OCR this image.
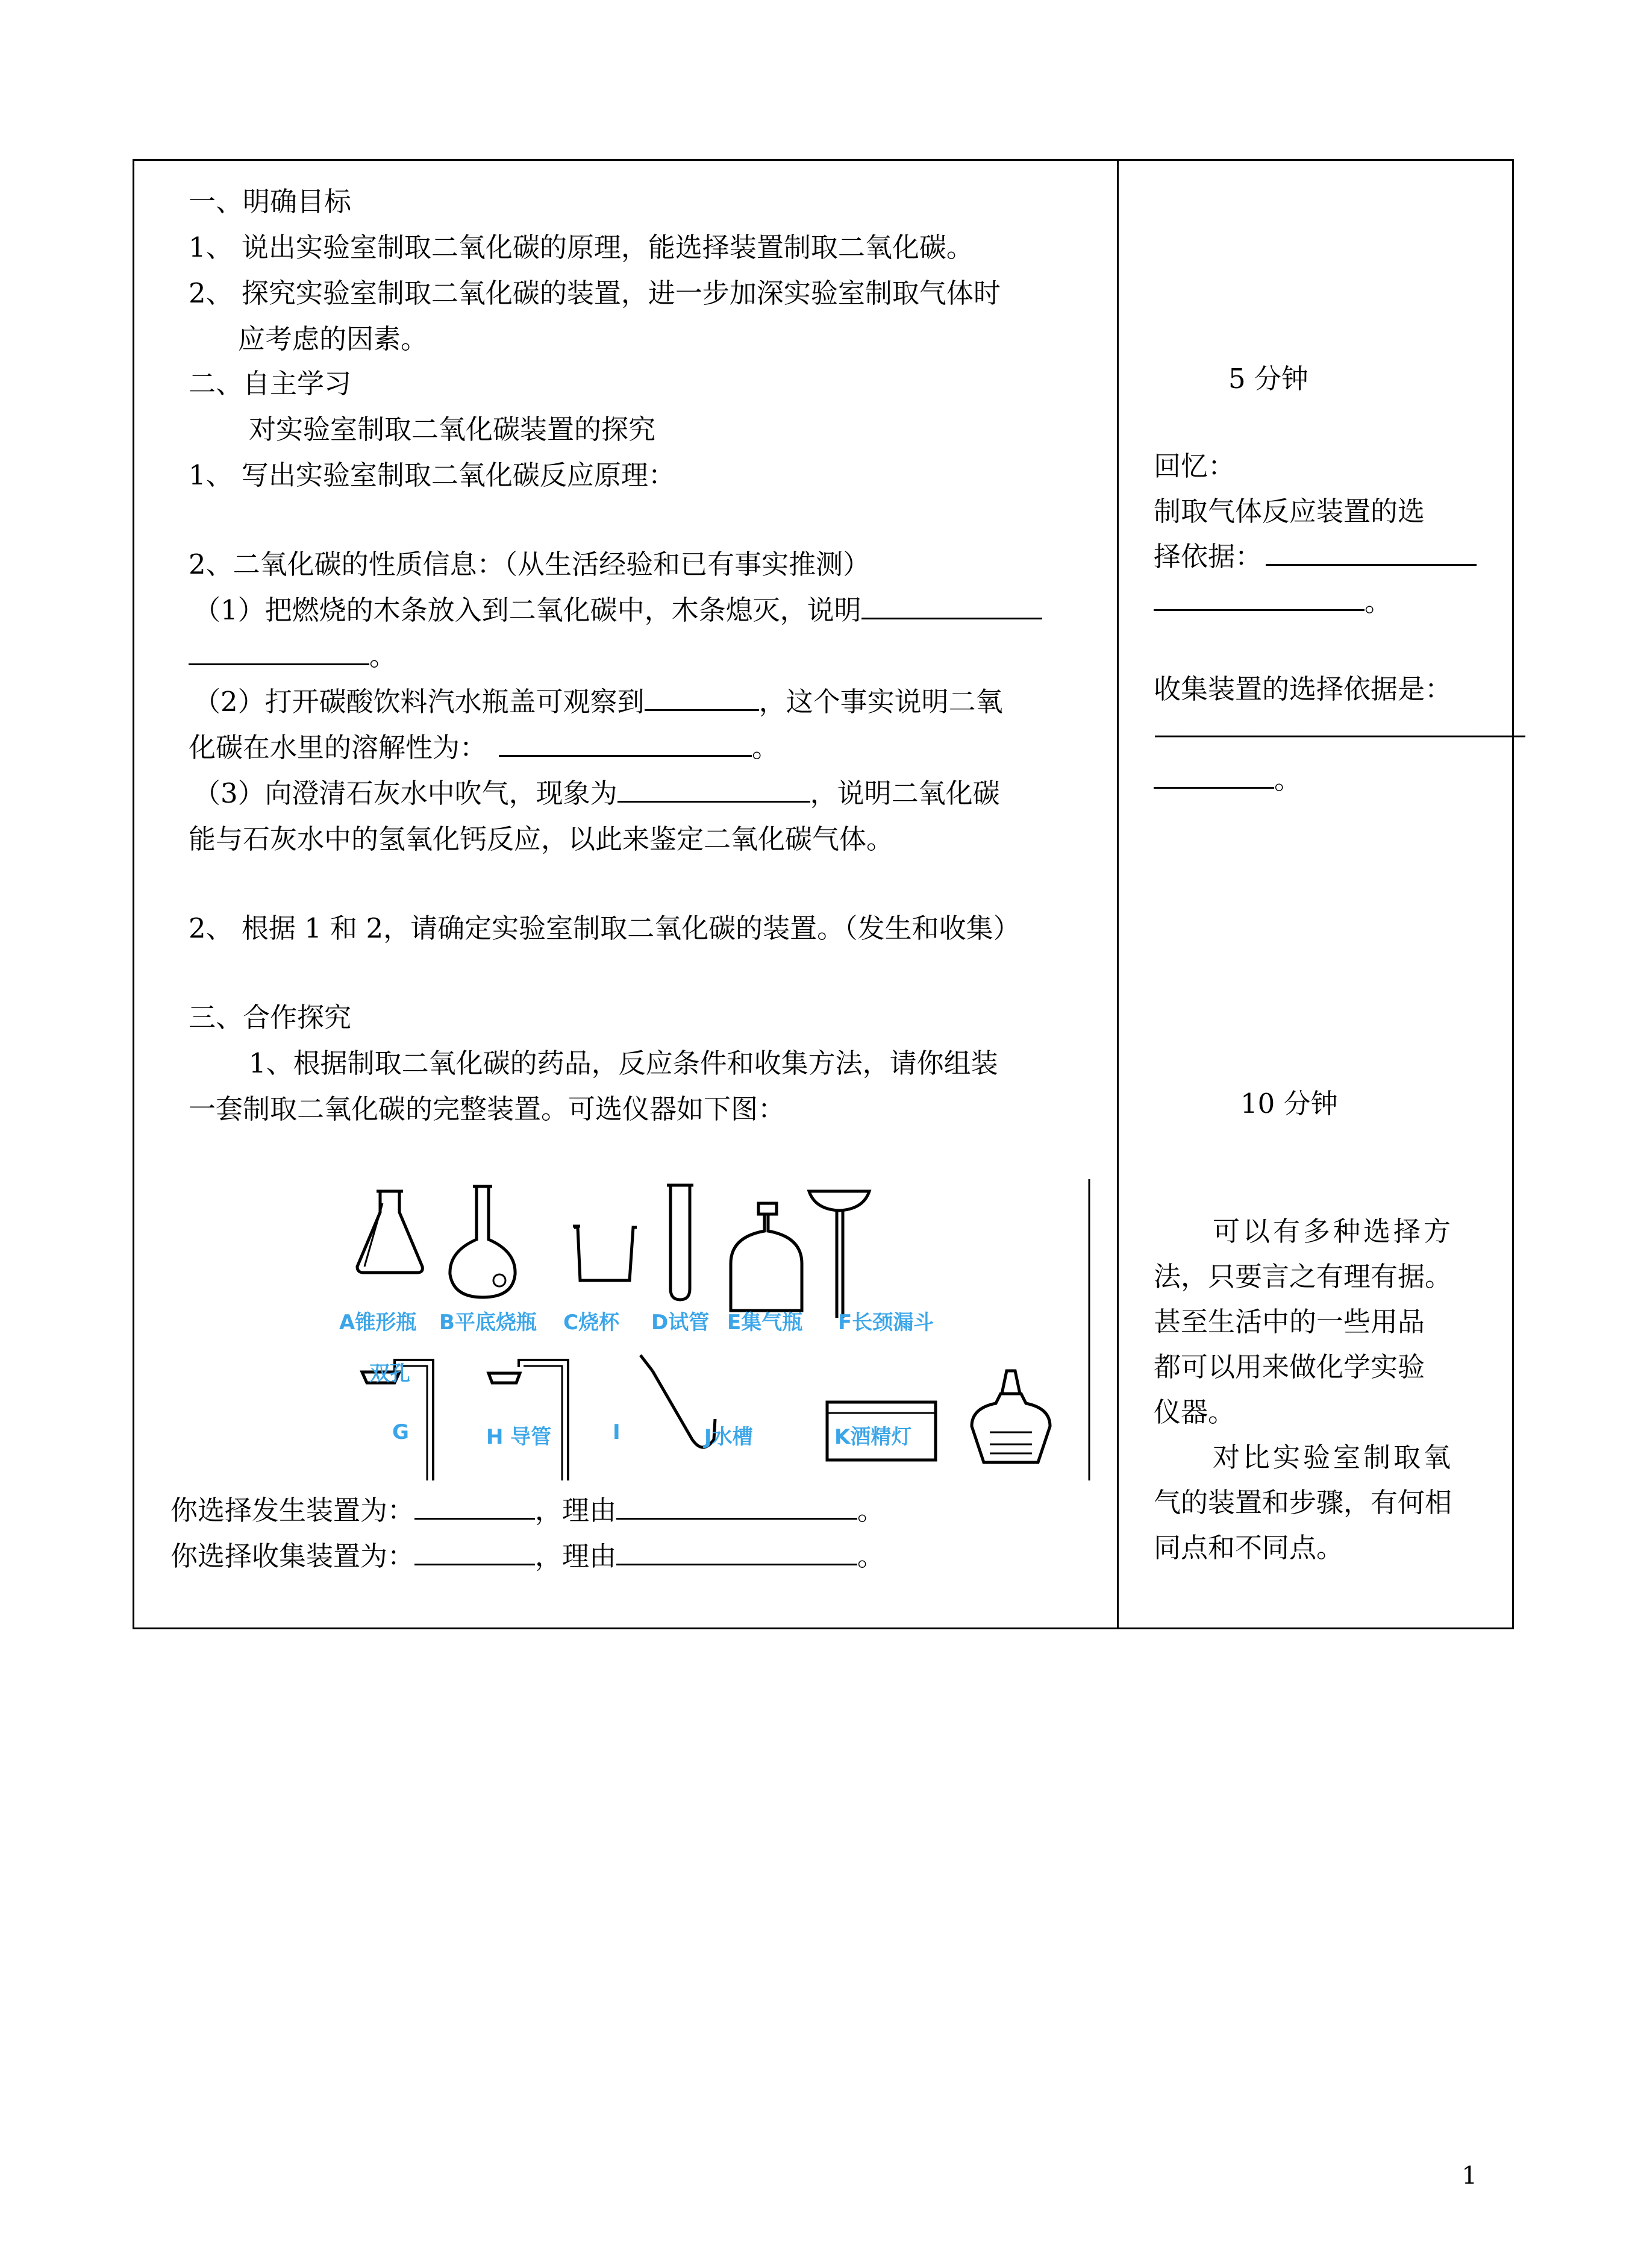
一、明确目标
1、 说出实验室制取二氧化碳的原理，能选择装置制取二氧化碳。
2、 探究实验室制取二氧化碳的装置，进一步加深实验室制取气体时
应考虑的因素。
二、自主学习
对实验室制取二氧化碳装置的探究
1、 写出实验室制取二氧化碳反应原理：
2、二氧化碳的性质信息：（从生活经验和已有事实推测）
（1）把燃烧的木条放入到二氧化碳中，木条熄灭，说明
。
（2）打开碳酸饮料汽水瓶盖可观察到	，这个事实说明二氧
化碳在水里的溶解性为：	。
（3）向澄清石灰水中吹气，现象为	，说明二氧化碳
能与石灰水中的氢氧化钙反应，以此来鉴定二氧化碳气体。
2、 根据 1 和 2，请确定实验室制取二氧化碳的装置。（发生和收集）
三、合作探究
1、根据制取二氧化碳的药品，反应条件和收集方法，请你组装
一套制取二氧化碳的完整装置。可选仪器如下图：
A锥形瓶 B平底烧瓶 C烧杯 D试管 E集气瓶 F长颈漏斗
双孔
G	H 导管	I	J水槽	K酒精灯
你选择发生装置为：	，理由	。
你选择收集装置为：	，理由	。
5 分钟
回忆：
制取气体反应装置的选
择依据：
。
收集装置的选择依据是：
———————————————
。
10 分钟
可以有多种选择方
法，只要言之有理有据。
甚至生活中的一些用品
都可以用来做化学实验
仪器。
对比实验室制取氧
气的装置和步骤，有何相
同点和不同点。
1
